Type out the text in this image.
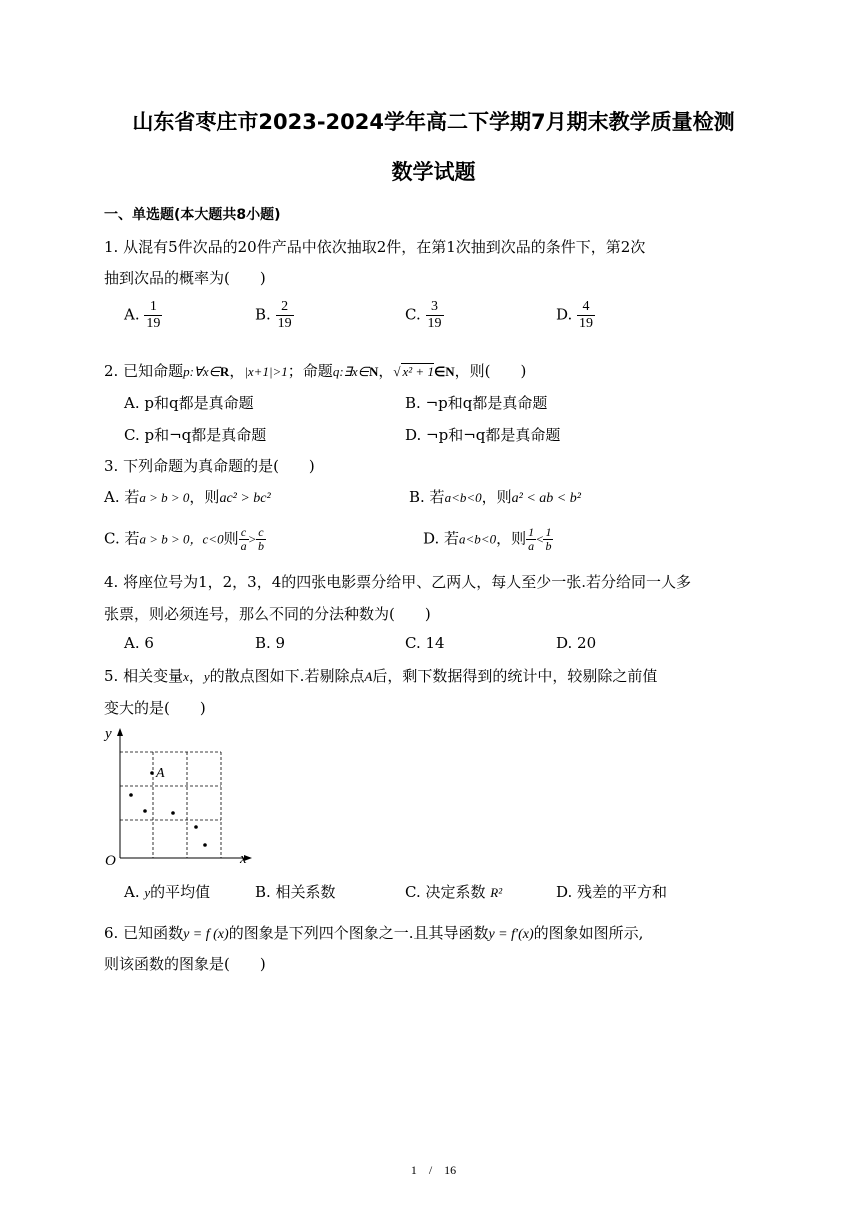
山东省枣庄市2023-2024学年高二下学期7月期末教学质量检测
数学试题
一、单选题(本大题共8小题)
1. 从混有5件次品的20件产品中依次抽取2件，在第1次抽到次品的条件下，第2次
抽到次品的概率为(　　)
A. $\frac{1}{19}$	B. $\frac{2}{19}$	C. $\frac{3}{19}$	D. $\frac{4}{19}$
2. 已知命题p:∀x∈R，|x+1|>1；命题q:∃x∈N，√ x² + 1∈N，则(　　)
A. p和q都是真命题	B. ¬p和q都是真命题
C. p和¬q都是真命题	D. ¬p和¬q都是真命题
3. 下列命题为真命题的是(　　)
A. 若a > b > 0，则ac² > bc²	B. 若a<b<0，则a² < ab < b²
C. 若a > b > 0，c<0则 $\frac{c}{a} > \frac{c}{b}$	D. 若a<b<0，则 $\frac{1}{a} < \frac{1}{b}$
4. 将座位号为1，2，3，4的四张电影票分给甲、乙两人，每人至少一张.若分给同一人多
张票，则必须连号，那么不同的分法种数为(　　)
A. 6	B. 9	C. 14	D. 20
5. 相关变量x，y的散点图如下.若剔除点A后，剩下数据得到的统计中，较剔除之前值
变大的是(　　)
y
x
O
A
A. y的平均值	B. 相关系数	C. 决定系数 R²	D. 残差的平方和
6. 已知函数y = f (x)的图象是下列四个图象之一.且其导函数y = f′(x)的图象如图所示,
则该函数的图象是(　　)
1　/　16
